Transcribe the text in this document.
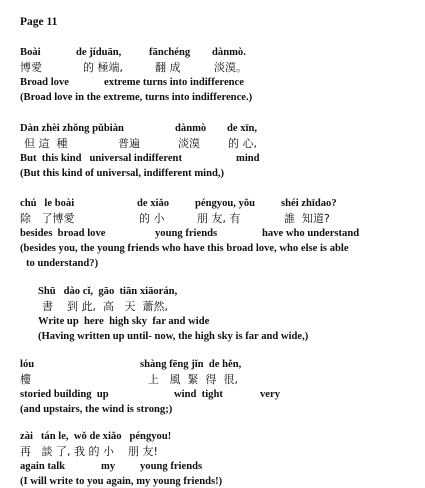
Page 11
Boài	de jíduān,	fānchéng dànmò.
博愛	的 極端,	翻 成	淡漠。
Broad love	extreme turns into indifference
(Broad love in the extreme, turns into indifference.)
Dàn zhèi zhǒng pǔbiàn	dànmò de xīn,
但 這  種	普遍	淡漠	的 心,
But  this kind   universal indifferent	mind
(But this kind of universal, indifferent mind,)
chú   le boài	de xiǎo péngyou, yǒu shéi zhīdao?
除   了博愛	的 小	朋 友, 有	誰  知道?
besides  broad love	young friends	have who understand
(besides you, the young friends who have this broad love, who else is able
to understand?)
Shū   dào cǐ,  gāo  tiān xiāorán,
書    到 此,  高   天  蕭然,
Write up  here  high sky  far and wide
(Having written up until- now, the high sky is far and wide,)
lóu	shàng fēng jǐn  de hěn,
樓	上   風  緊  得  很,
storied building  up	wind  tight	very
(and upstairs, the wind is strong;)
zài   tán le,  wǒ de xiǎo   péngyou!
再   談 了, 我 的 小    朋 友!
again talk	my young friends
(I will write to you again, my young friends!)
